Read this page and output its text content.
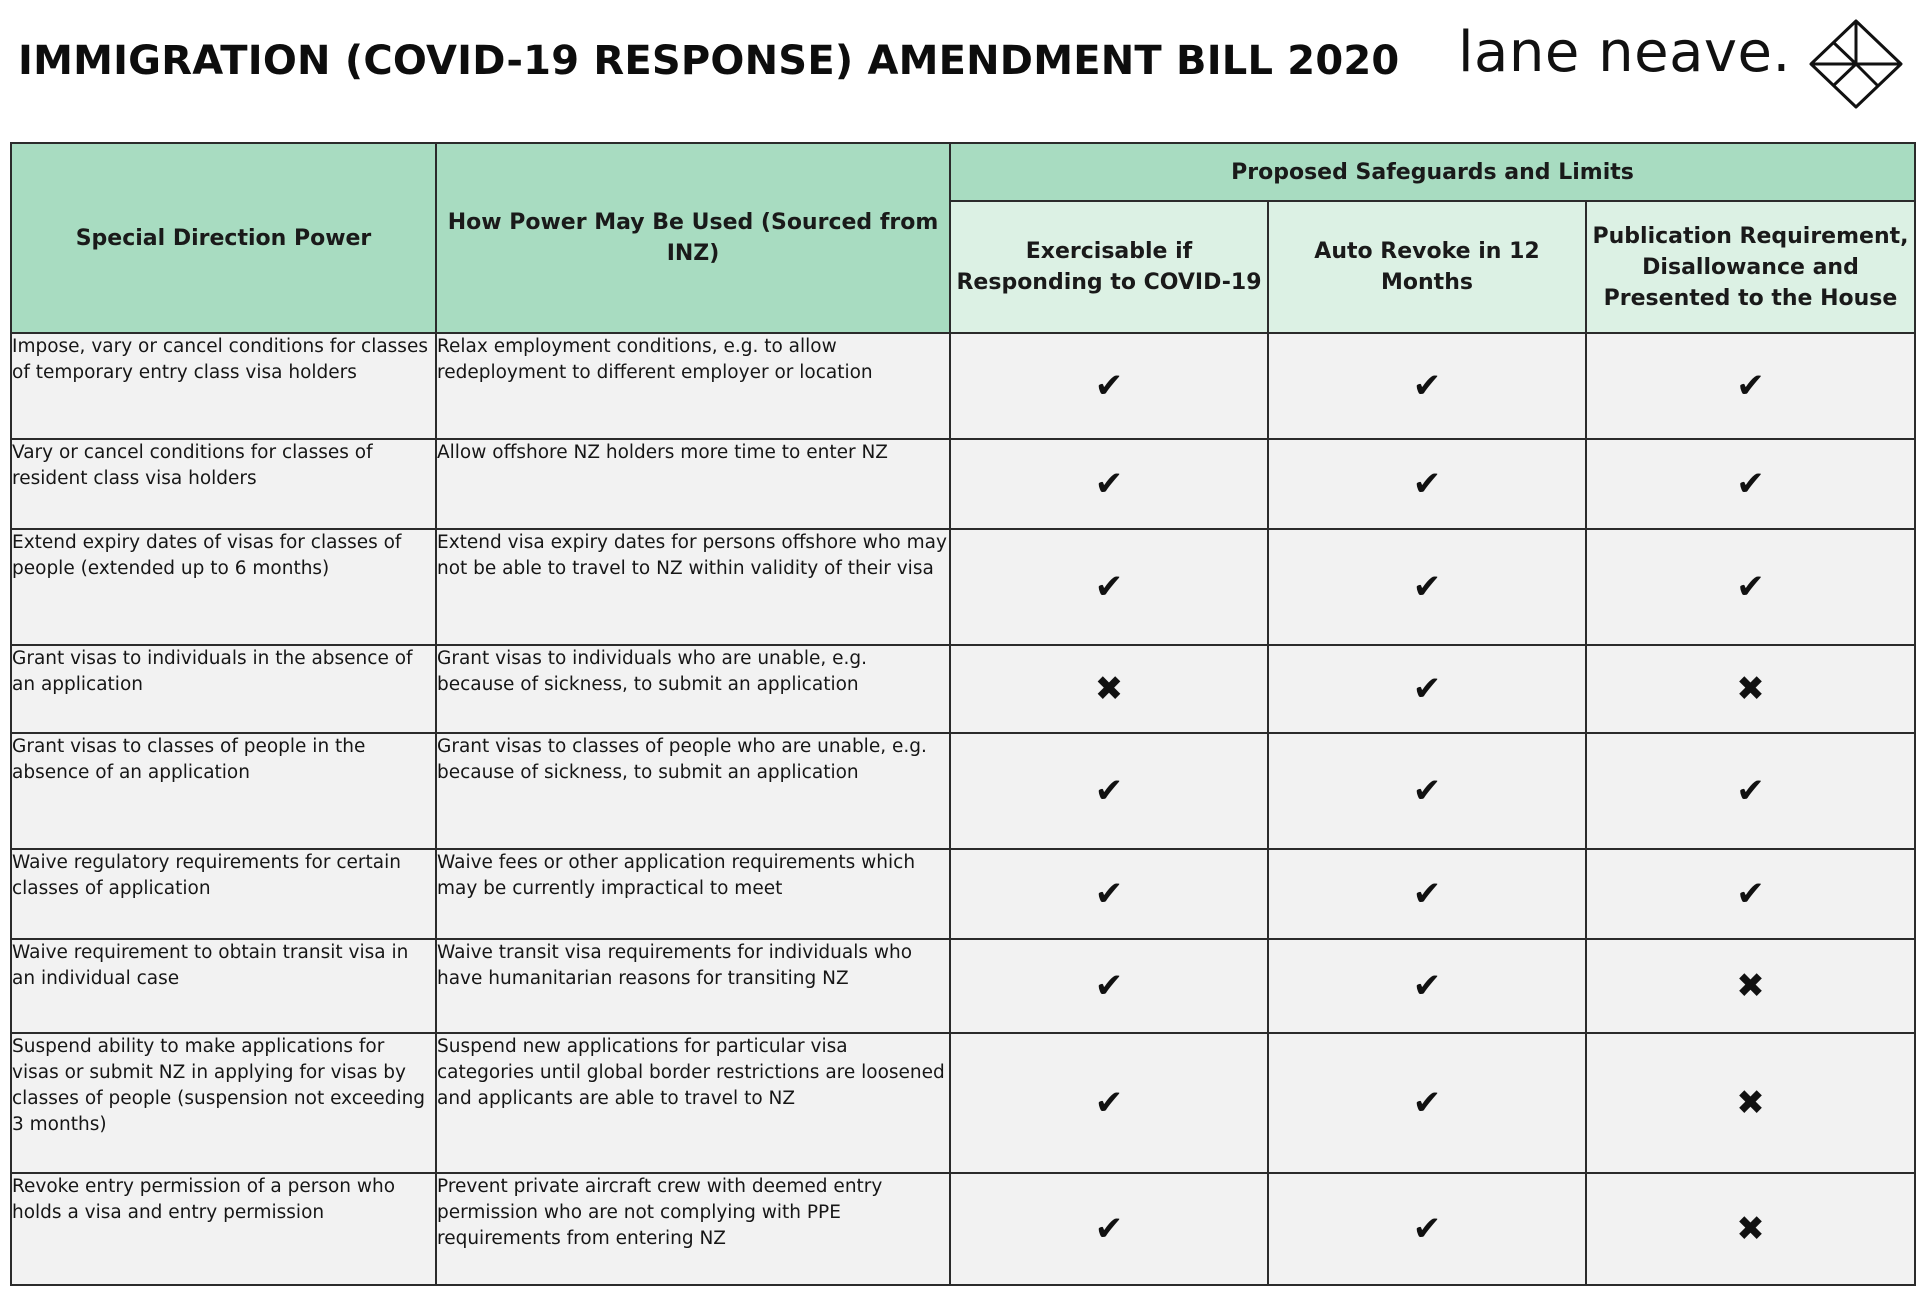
IMMIGRATION (COVID-19 RESPONSE) AMENDMENT BILL 2020 lane neave.
Special Direction Power	How Power May Be Used (Sourced from INZ)	Proposed Safeguards and Limits		
		Exercisable if Responding to COVID-19	Auto Revoke in 12 Months	Publication Requirement, Disallowance and Presented to the House
Impose, vary or cancel conditions for classes of temporary entry class visa holders	Relax employment conditions, e.g. to allow redeployment to different employer or location	✔	✔	✔
Vary or cancel conditions for classes of resident class visa holders	Allow offshore NZ holders more time to enter NZ	✔	✔	✔
Extend expiry dates of visas for classes of people (extended up to 6 months)	Extend visa expiry dates for persons offshore who may not be able to travel to NZ within validity of their visa	✔	✔	✔
Grant visas to individuals in the absence of an application	Grant visas to individuals who are unable, e.g. because of sickness, to submit an application	✖	✔	✖
Grant visas to classes of people in the absence of an application	Grant visas to classes of people who are unable, e.g. because of sickness, to submit an application	✔	✔	✔
Waive regulatory requirements for certain classes of application	Waive fees or other application requirements which may be currently impractical to meet	✔	✔	✔
Waive requirement to obtain transit visa in an individual case	Waive transit visa requirements for individuals who have humanitarian reasons for transiting NZ	✔	✔	✖
Suspend ability to make applications for visas or submit NZ in applying for visas by classes of people (suspension not exceeding 3 months)	Suspend new applications for particular visa categories until global border restrictions are loosened and applicants are able to travel to NZ	✔	✔	✖
Revoke entry permission of a person who holds a visa and entry permission	Prevent private aircraft crew with deemed entry permission who are not complying with PPE requirements from entering NZ	✔	✔	✖
